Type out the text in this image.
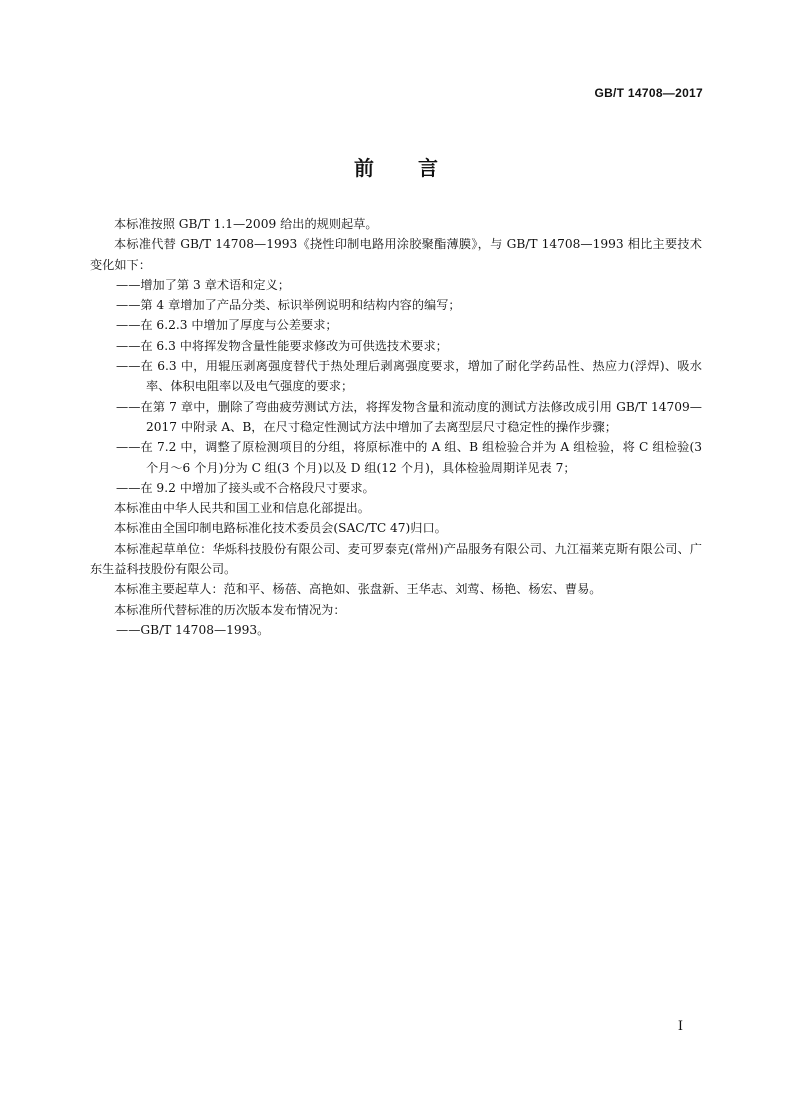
GB/T 14708—2017
前言

本标准按照 GB/T 1.1—2009 给出的规则起草。

本标准代替 GB/T 14708—1993《挠性印制电路用涂胶聚酯薄膜》，与 GB/T 14708—1993 相比主要技术变化如下：

——增加了第 3 章术语和定义；

——第 4 章增加了产品分类、标识举例说明和结构内容的编写；

——在 6.2.3 中增加了厚度与公差要求；

——在 6.3 中将挥发物含量性能要求修改为可供选技术要求；

——在 6.3 中，用辊压剥离强度替代于热处理后剥离强度要求，增加了耐化学药品性、热应力(浮焊)、吸水率、体积电阻率以及电气强度的要求；

——在第 7 章中，删除了弯曲疲劳测试方法，将挥发物含量和流动度的测试方法修改成引用 GB/T 14709—2017 中附录 A、B，在尺寸稳定性测试方法中增加了去离型层尺寸稳定性的操作步骤；

——在 7.2 中，调整了原检测项目的分组，将原标准中的 A 组、B 组检验合并为 A 组检验，将 C 组检验(3 个月～6 个月)分为 C 组(3 个月)以及 D 组(12 个月)，具体检验周期详见表 7；

——在 9.2 中增加了接头或不合格段尺寸要求。

本标准由中华人民共和国工业和信息化部提出。

本标准由全国印制电路标准化技术委员会(SAC/TC 47)归口。

本标准起草单位：华烁科技股份有限公司、麦可罗泰克(常州)产品服务有限公司、九江福莱克斯有限公司、广东生益科技股份有限公司。

本标准主要起草人：范和平、杨蓓、高艳如、张盘新、王华志、刘莺、杨艳、杨宏、曹易。

本标准所代替标准的历次版本发布情况为：

——GB/T 14708—1993。

I
